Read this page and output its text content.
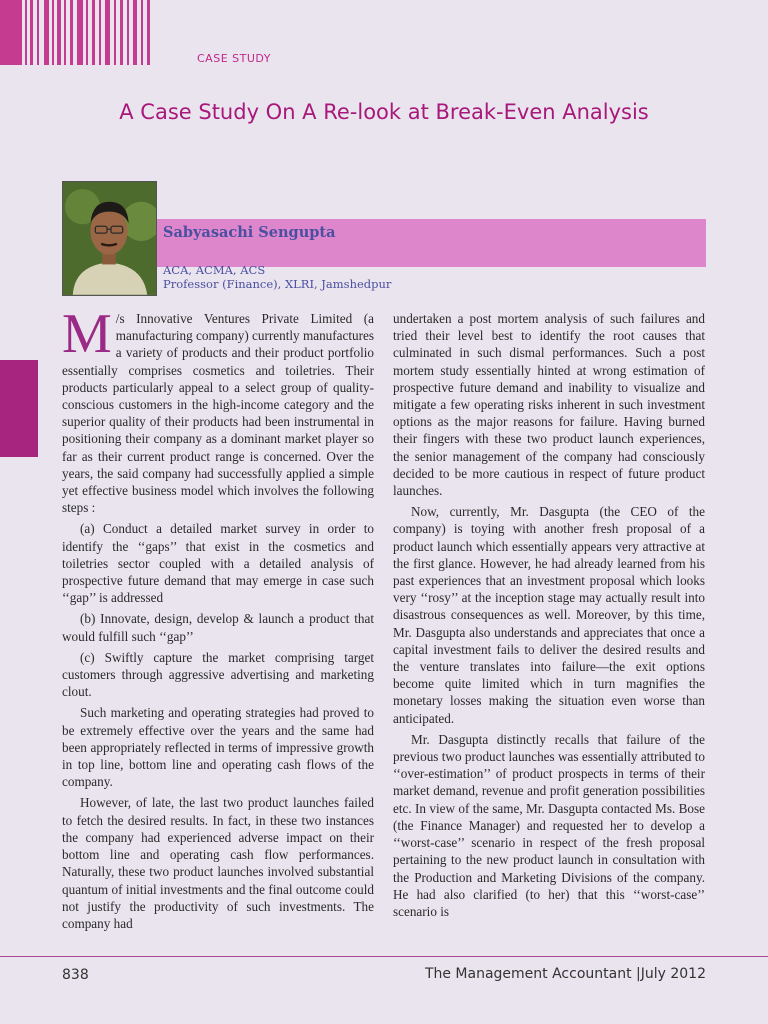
CASE STUDY
A Case Study On A Re-look at Break-Even Analysis
Sabyasachi Sengupta
ACA, ACMA, ACS
Professor (Finance), XLRI, Jamshedpur

M /s Innovative Ventures Private Limited (a manufacturing company) currently manufactures a variety of products and their product portfolio essentially comprises cosmetics and toiletries. Their products particularly appeal to a select group of quality-conscious customers in the high-income category and the superior quality of their products had been instrumental in positioning their company as a dominant market player so far as their current product range is concerned. Over the years, the said company had successfully applied a simple yet effective business model which involves the following steps :

(a) Conduct a detailed market survey in order to identify the ‘‘gaps’’ that exist in the cosmetics and toiletries sector coupled with a detailed analysis of prospective future demand that may emerge in case such ‘‘gap’’ is addressed

(b) Innovate, design, develop & launch a product that would fulfill such ‘‘gap’’

(c) Swiftly capture the market comprising target customers through aggressive advertising and marketing clout.

Such marketing and operating strategies had proved to be extremely effective over the years and the same had been appropriately reflected in terms of impressive growth in top line, bottom line and operating cash flows of the company.

However, of late, the last two product launches failed to fetch the desired results. In fact, in these two instances the company had experienced adverse impact on their bottom line and operating cash flow performances. Naturally, these two product launches involved substantial quantum of initial investments and the final outcome could not justify the productivity of such investments. The company had

undertaken a post mortem analysis of such failures and tried their level best to identify the root causes that culminated in such dismal performances. Such a post mortem study essentially hinted at wrong estimation of prospective future demand and inability to visualize and mitigate a few operating risks inherent in such investment options as the major reasons for failure. Having burned their fingers with these two product launch experiences, the senior management of the company had consciously decided to be more cautious in respect of future product launches.

Now, currently, Mr. Dasgupta (the CEO of the company) is toying with another fresh proposal of a product launch which essentially appears very attractive at the first glance. However, he had already learned from his past experiences that an investment proposal which looks very ‘‘rosy’’ at the inception stage may actually result into disastrous consequences as well. Moreover, by this time, Mr. Dasgupta also understands and appreciates that once a capital investment fails to deliver the desired results and the venture translates into failure—the exit options become quite limited which in turn magnifies the monetary losses making the situation even worse than anticipated.

Mr. Dasgupta distinctly recalls that failure of the previous two product launches was essentially attributed to ‘‘over-estimation’’ of product prospects in terms of their market demand, revenue and profit generation possibilities etc. In view of the same, Mr. Dasgupta contacted Ms. Bose (the Finance Manager) and requested her to develop a ‘‘worst-case’’ scenario in respect of the fresh proposal pertaining to the new product launch in consultation with the Production and Marketing Divisions of the company. He had also clarified (to her) that this ‘‘worst-case’’ scenario is

838	The Management Accountant |July 2012
